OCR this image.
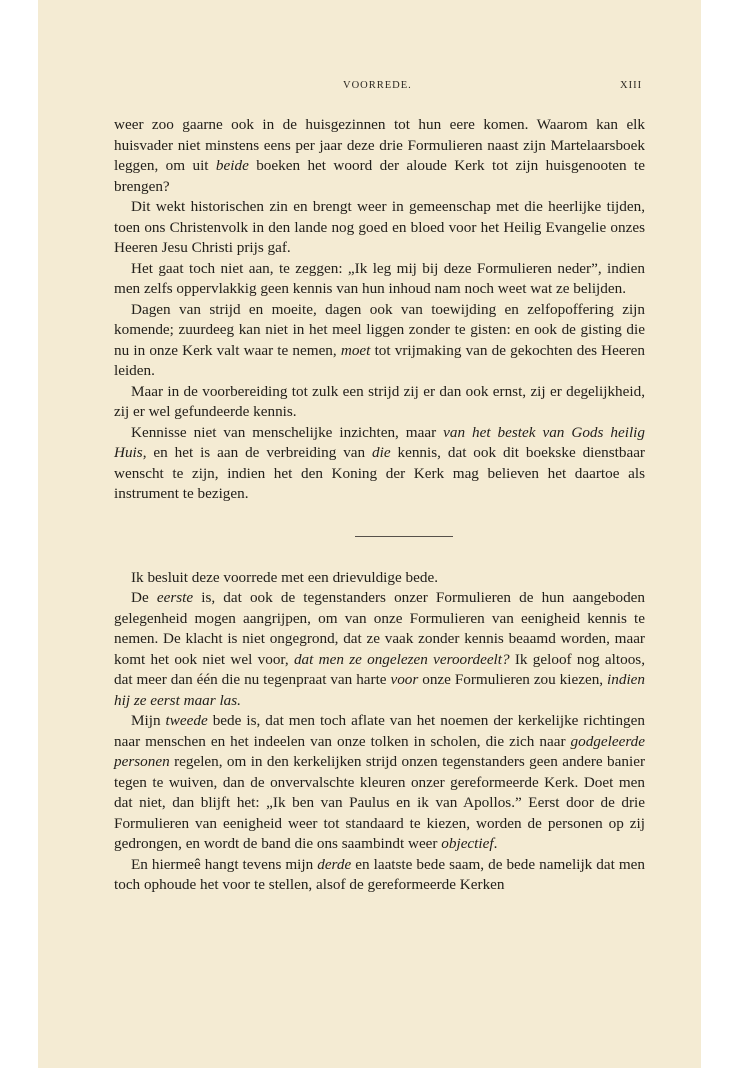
VOORREDE.	XIII

weer zoo gaarne ook in de huisgezinnen tot hun eere komen. Waarom kan elk huisvader niet minstens eens per jaar deze drie Formulieren naast zijn Martelaarsboek leggen, om uit beide boeken het woord der aloude Kerk tot zijn huisgenooten te brengen?

Dit wekt historischen zin en brengt weer in gemeenschap met die heerlijke tijden, toen ons Christenvolk in den lande nog goed en bloed voor het Heilig Evangelie onzes Heeren Jesu Christi prijs gaf.

Het gaat toch niet aan, te zeggen: „Ik leg mij bij deze Formulieren neder”, indien men zelfs oppervlakkig geen kennis van hun inhoud nam noch weet wat ze belijden.

Dagen van strijd en moeite, dagen ook van toewijding en zelfopoffering zijn komende; zuurdeeg kan niet in het meel liggen zonder te gisten: en ook de gisting die nu in onze Kerk valt waar te nemen, moet tot vrijmaking van de gekochten des Heeren leiden.

Maar in de voorbereiding tot zulk een strijd zij er dan ook ernst, zij er degelijkheid, zij er wel gefundeerde kennis.

Kennisse niet van menschelijke inzichten, maar van het bestek van Gods heilig Huis, en het is aan de verbreiding van die kennis, dat ook dit boekske dienstbaar wenscht te zijn, indien het den Koning der Kerk mag believen het daartoe als instrument te bezigen.

Ik besluit deze voorrede met een drievuldige bede.

De eerste is, dat ook de tegenstanders onzer Formulieren de hun aangeboden gelegenheid mogen aangrijpen, om van onze Formulieren van eenigheid kennis te nemen. De klacht is niet ongegrond, dat ze vaak zonder kennis beaamd worden, maar komt het ook niet wel voor, dat men ze ongelezen veroordeelt? Ik geloof nog altoos, dat meer dan één die nu tegenpraat van harte voor onze Formulieren zou kiezen, indien hij ze eerst maar las.

Mijn tweede bede is, dat men toch aflate van het noemen der kerkelijke richtingen naar menschen en het indeelen van onze tolken in scholen, die zich naar godgeleerde personen regelen, om in den kerkelijken strijd onzen tegenstanders geen andere banier tegen te wuiven, dan de onvervalschte kleuren onzer gereformeerde Kerk. Doet men dat niet, dan blijft het: „Ik ben van Paulus en ik van Apollos.” Eerst door de drie Formulieren van eenigheid weer tot standaard te kiezen, worden de personen op zij gedrongen, en wordt de band die ons saambindt weer objectief.

En hiermeê hangt tevens mijn derde en laatste bede saam, de bede namelijk dat men toch ophoude het voor te stellen, alsof de gereformeerde Kerken
